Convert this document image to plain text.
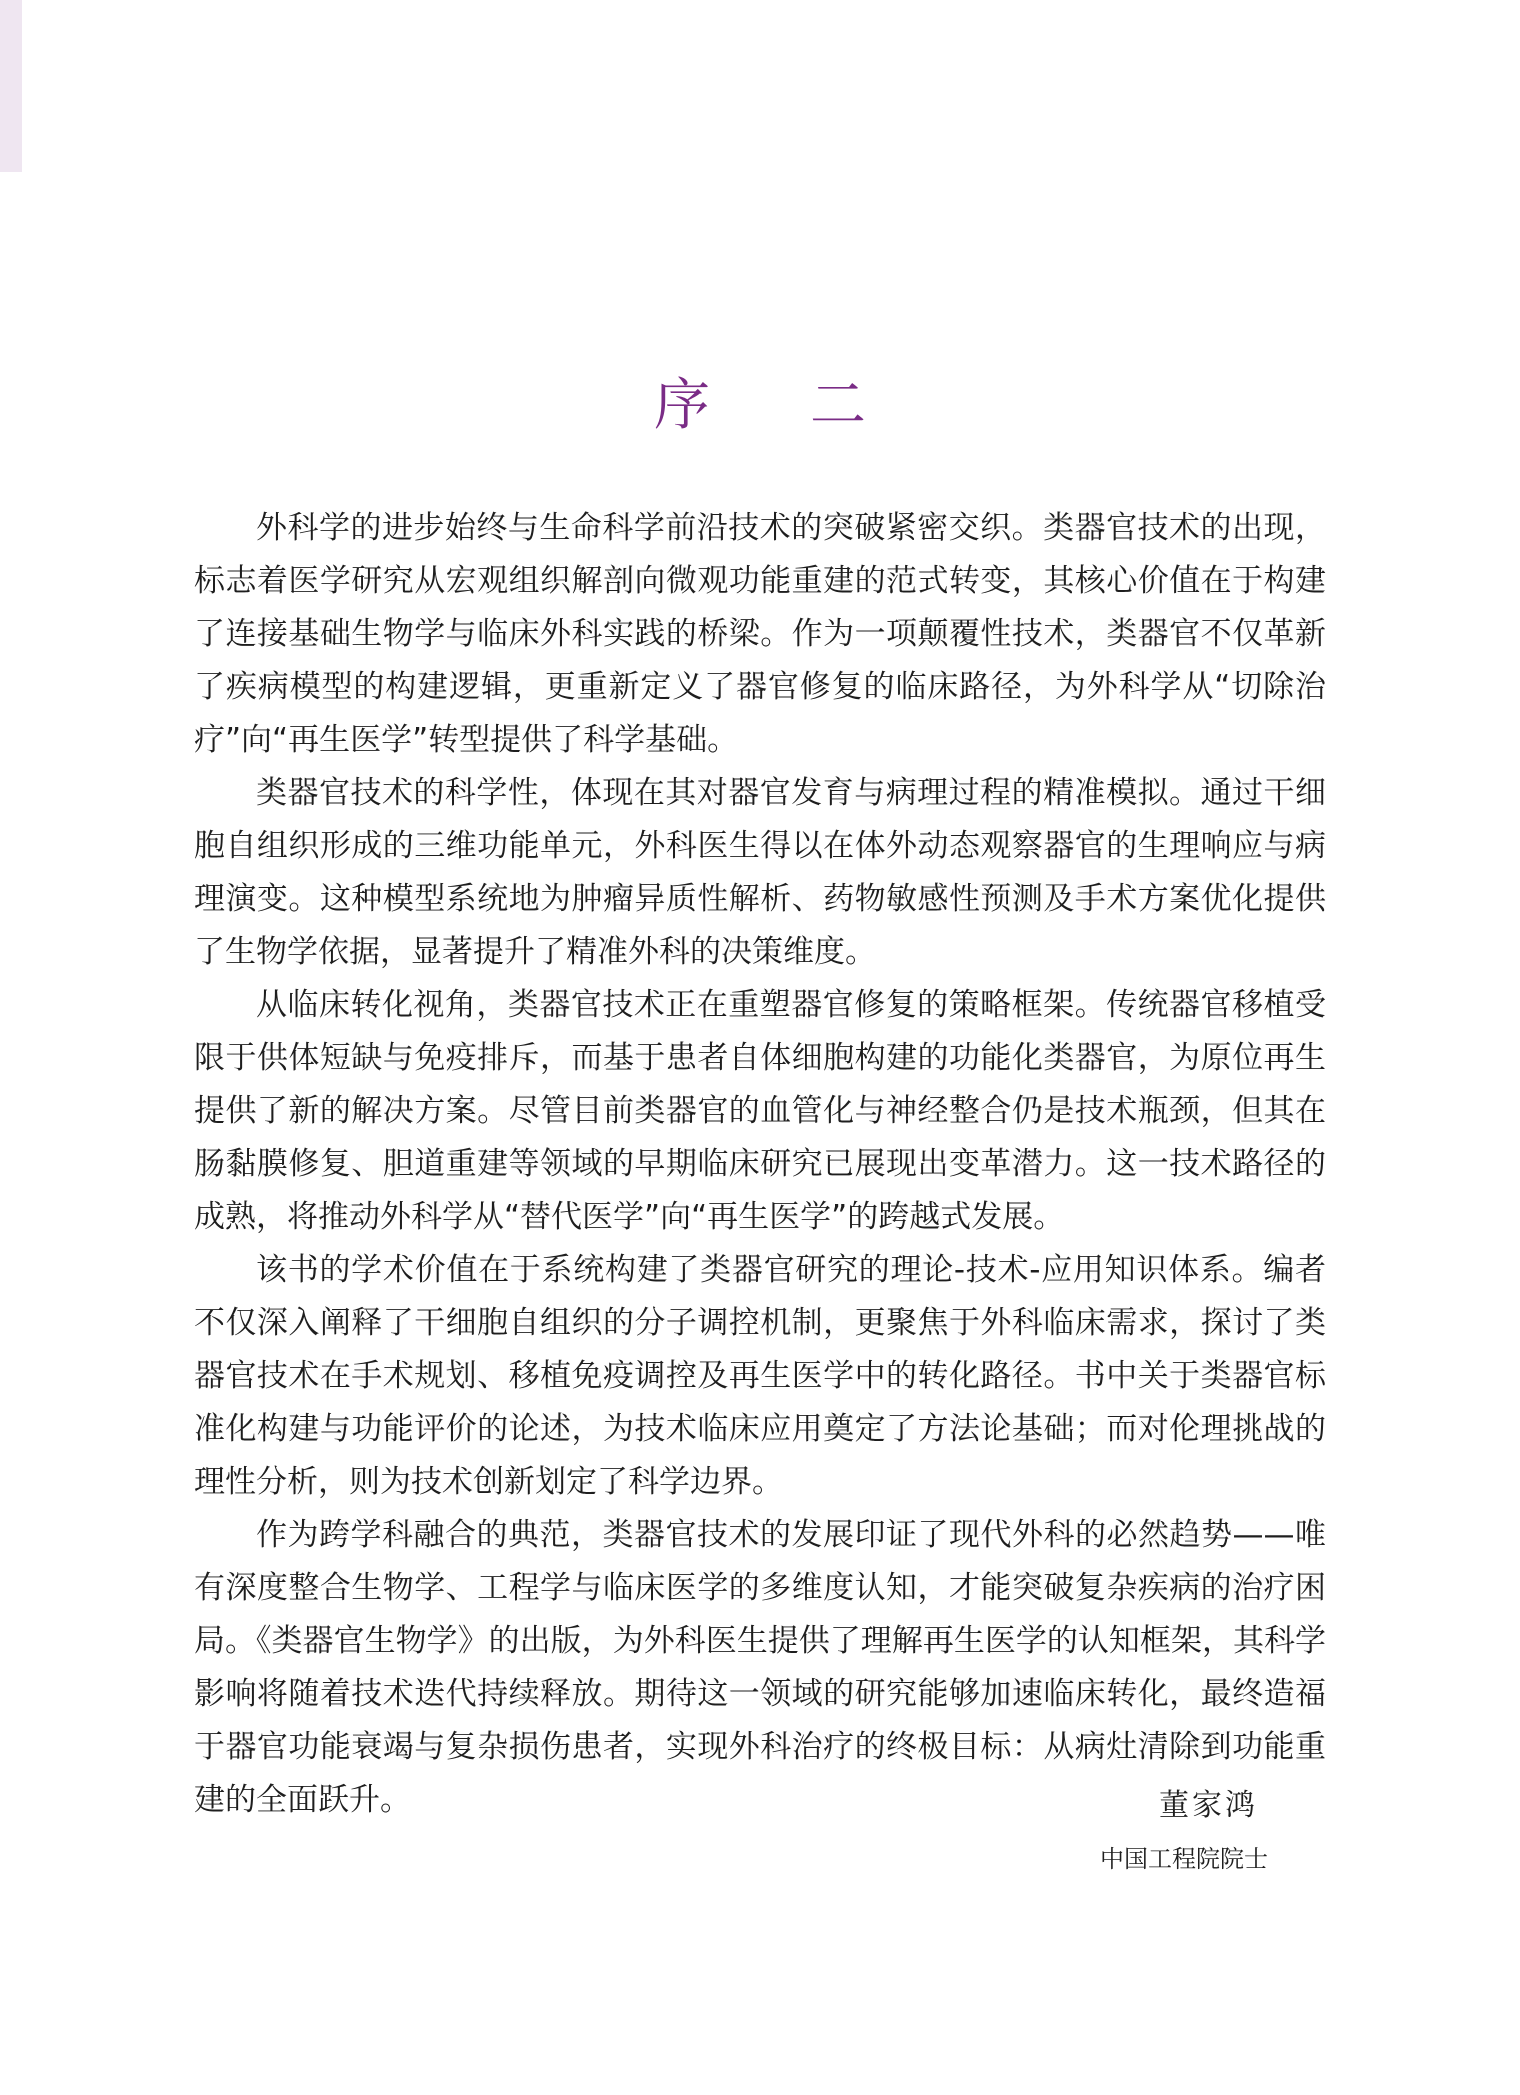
序二

外科学的进步始终与生命科学前沿技术的突破紧密交织。类器官技术的出现，标志着医学研究从宏观组织解剖向微观功能重建的范式转变，其核心价值在于构建了连接基础生物学与临床外科实践的桥梁。作为一项颠覆性技术，类器官不仅革新了疾病模型的构建逻辑，更重新定义了器官修复的临床路径，为外科学从“切除治疗”向“再生医学”转型提供了科学基础。

类器官技术的科学性，体现在其对器官发育与病理过程的精准模拟。通过干细胞自组织形成的三维功能单元，外科医生得以在体外动态观察器官的生理响应与病理演变。这种模型系统地为肿瘤异质性解析、药物敏感性预测及手术方案优化提供了生物学依据，显著提升了精准外科的决策维度。

从临床转化视角，类器官技术正在重塑器官修复的策略框架。传统器官移植受限于供体短缺与免疫排斥，而基于患者自体细胞构建的功能化类器官，为原位再生提供了新的解决方案。尽管目前类器官的血管化与神经整合仍是技术瓶颈，但其在肠黏膜修复、胆道重建等领域的早期临床研究已展现出变革潜力。这一技术路径的成熟，将推动外科学从“替代医学”向“再生医学”的跨越式发展。

该书的学术价值在于系统构建了类器官研究的理论-技术-应用知识体系。编者不仅深入阐释了干细胞自组织的分子调控机制，更聚焦于外科临床需求，探讨了类器官技术在手术规划、移植免疫调控及再生医学中的转化路径。书中关于类器官标准化构建与功能评价的论述，为技术临床应用奠定了方法论基础；而对伦理挑战的理性分析，则为技术创新划定了科学边界。

作为跨学科融合的典范，类器官技术的发展印证了现代外科的必然趋势——唯有深度整合生物学、工程学与临床医学的多维度认知，才能突破复杂疾病的治疗困局。《类器官生物学》的出版，为外科医生提供了理解再生医学的认知框架，其科学影响将随着技术迭代持续释放。期待这一领域的研究能够加速临床转化，最终造福于器官功能衰竭与复杂损伤患者，实现外科治疗的终极目标：从病灶清除到功能重建的全面跃升。	董家鸿
中国工程院院士
